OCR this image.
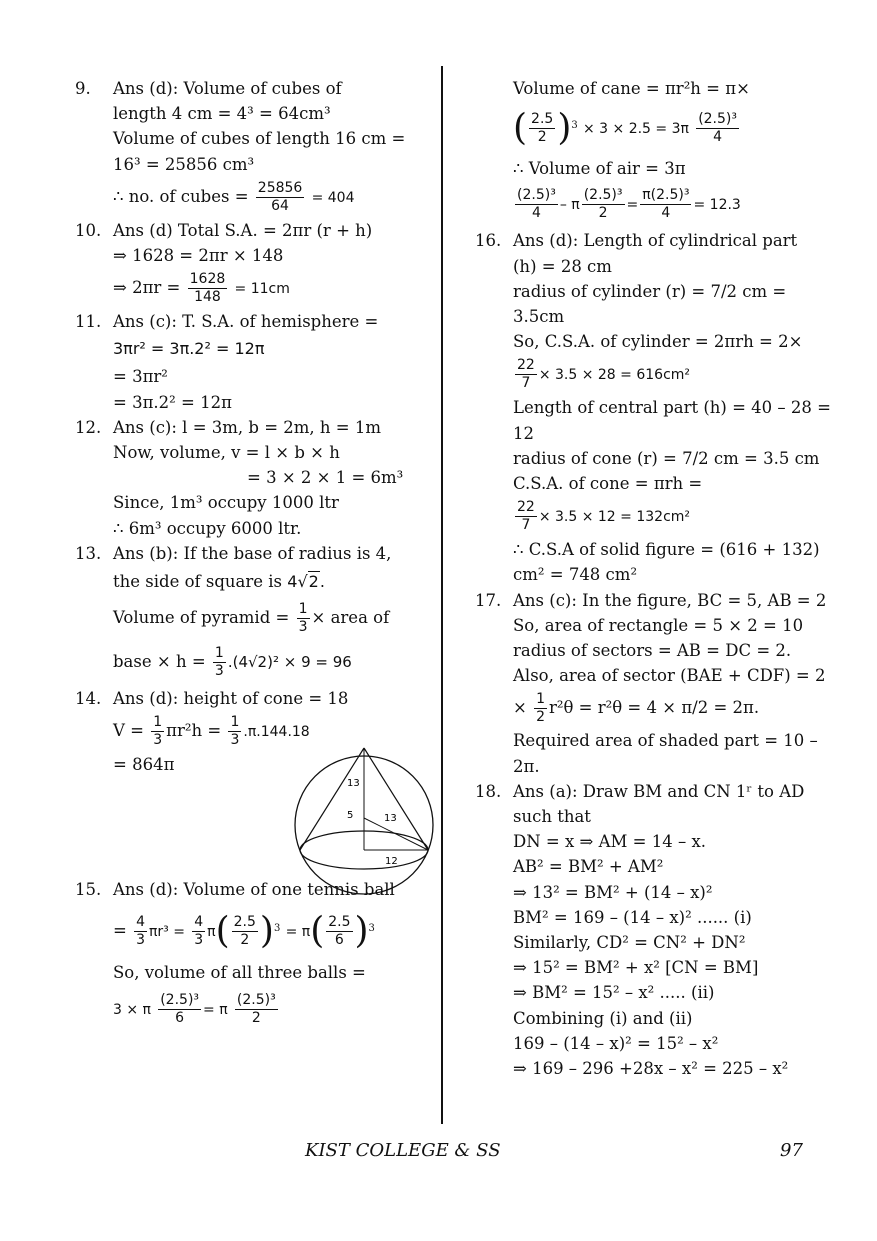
9. Ans (d): Volume of cubes of
length 4 cm = 4³ = 64cm³
Volume of cubes of length 16 cm =
16³ = 25856 cm³
∴ no. of cubes = $\frac{25856}{64} = 404$
10. Ans (d) Total S.A. = 2πr (r + h)
⇒ 1628 = 2πr × 148
⇒ $2\pi r = \frac{1628}{148} = 11cm$
11. Ans (c): T. S.A. of hemisphere =
3πr² = 3π.2² = 12π
= 3πr²
= 3π.2² = 12π
12. Ans (c): l = 3m, b = 2m, h = 1m
Now, volume, v = l × b × h
= 3 × 2 × 1 = 6m³
Since, 1m³ occupy 1000 ltr
∴ 6m³ occupy 6000 ltr.
13. Ans (b): If the base of radius is 4,
the side of square is 4√2.
Volume of pyramid = $\frac{1}{3}$ × area of
base × $h = \frac{1}{3} .(4√2)^2 \times 9 = 96$
14. Ans (d): height of cone = 18
$V = \frac{1}{3} \pi r^2h = \frac{1}{3} .\pi.144.18$
= 864π
15. Ans (d): Volume of one tennis ball
= $\frac{4}{3} \pi r^3 = \frac{4}{3} \pi( \frac{2.5}{2} )^3 = \pi( \frac{2.5}{6} )^3$
So, volume of all three balls =
3 × π $\frac{\text{(2.5)³}}{6} = \pi \frac{\text{(2.5)³}}{2}$
13
5	13
12
Volume of cane = πr²h = π×
( $\frac{2.5}{2} )^3 \times 3 \times 2.5 = 3\pi \frac{\text{(2.5)³}}{4}$
∴ Volume of air = 3π
$\frac{\text{(2.5)³}}{4} - \pi \frac{\text{(2.5)³}}{2} = \frac{\text{π(2.5)³}}{4} = 12.3$
16. Ans (d): Length of cylindrical part
(h) = 28 cm
radius of cylinder (r) = 7/2 cm =
3.5cm
So, C.S.A. of cylinder = 2πrh = 2×
$\frac{22}{7} \times 3.5 \times 28 = 616cm^2$
Length of central part (h) = 40 – 28 =
12
radius of cone (r) = 7/2 cm = 3.5 cm
C.S.A. of cone = πrh =
$\frac{22}{7} \times 3.5 \times 12 = 132cm^2$
∴ C.S.A of solid figure = (616 + 132)
cm² = 748 cm²
17. Ans (c): In the figure, BC = 5, AB = 2
So, area of rectangle = 5 × 2 = 10
radius of sectors = AB = DC = 2.
Also, area of sector (BAE + CDF) = 2
× $\frac{1}{2} r^2\theta = r^2\theta = 4 \times \pi/2 = 2\pi$.
Required area of shaded part = 10 –
2π.
18. Ans (a): Draw BM and CN 1ʳ to AD
such that
DN = x ⇒ AM = 14 – x.
AB² = BM² + AM²
⇒ 13² = BM² + (14 – x)²
BM² = 169 – (14 – x)² ...... (i)
Similarly, CD² = CN² + DN²
⇒ 15² = BM² + x² [CN = BM]
⇒ BM² = 15² – x² ..... (ii)
Combining (i) and (ii)
169 – (14 – x)² = 15² – x²
⇒ 169 – 296 +28x – x² = 225 – x²
KIST COLLEGE & SS	97
